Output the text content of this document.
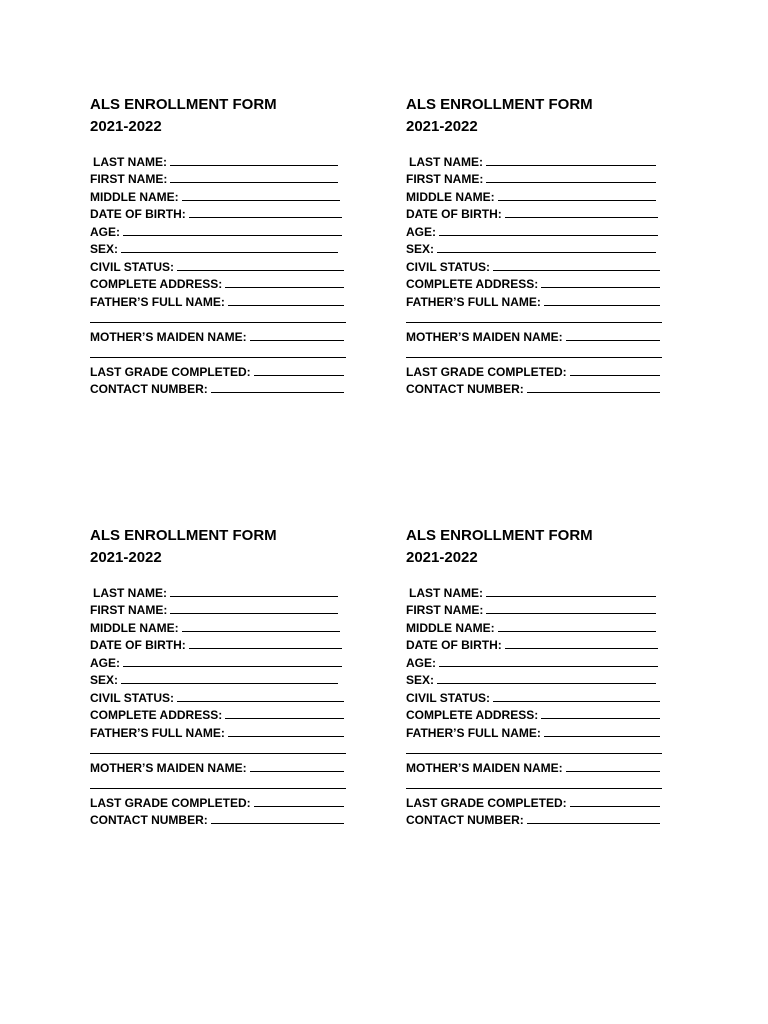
ALS ENROLLMENT FORM
2021-2022
LAST NAME:
FIRST NAME:
MIDDLE NAME:
DATE OF BIRTH:
AGE:
SEX:
CIVIL STATUS:
COMPLETE ADDRESS:
FATHER’S FULL NAME:
MOTHER’S MAIDEN NAME:
LAST GRADE COMPLETED:
CONTACT NUMBER:
ALS ENROLLMENT FORM
2021-2022
LAST NAME:
FIRST NAME:
MIDDLE NAME:
DATE OF BIRTH:
AGE:
SEX:
CIVIL STATUS:
COMPLETE ADDRESS:
FATHER’S FULL NAME:
MOTHER’S MAIDEN NAME:
LAST GRADE COMPLETED:
CONTACT NUMBER:
ALS ENROLLMENT FORM
2021-2022
LAST NAME:
FIRST NAME:
MIDDLE NAME:
DATE OF BIRTH:
AGE:
SEX:
CIVIL STATUS:
COMPLETE ADDRESS:
FATHER’S FULL NAME:
MOTHER’S MAIDEN NAME:
LAST GRADE COMPLETED:
CONTACT NUMBER:
ALS ENROLLMENT FORM
2021-2022
LAST NAME:
FIRST NAME:
MIDDLE NAME:
DATE OF BIRTH:
AGE:
SEX:
CIVIL STATUS:
COMPLETE ADDRESS:
FATHER’S FULL NAME:
MOTHER’S MAIDEN NAME:
LAST GRADE COMPLETED:
CONTACT NUMBER:
